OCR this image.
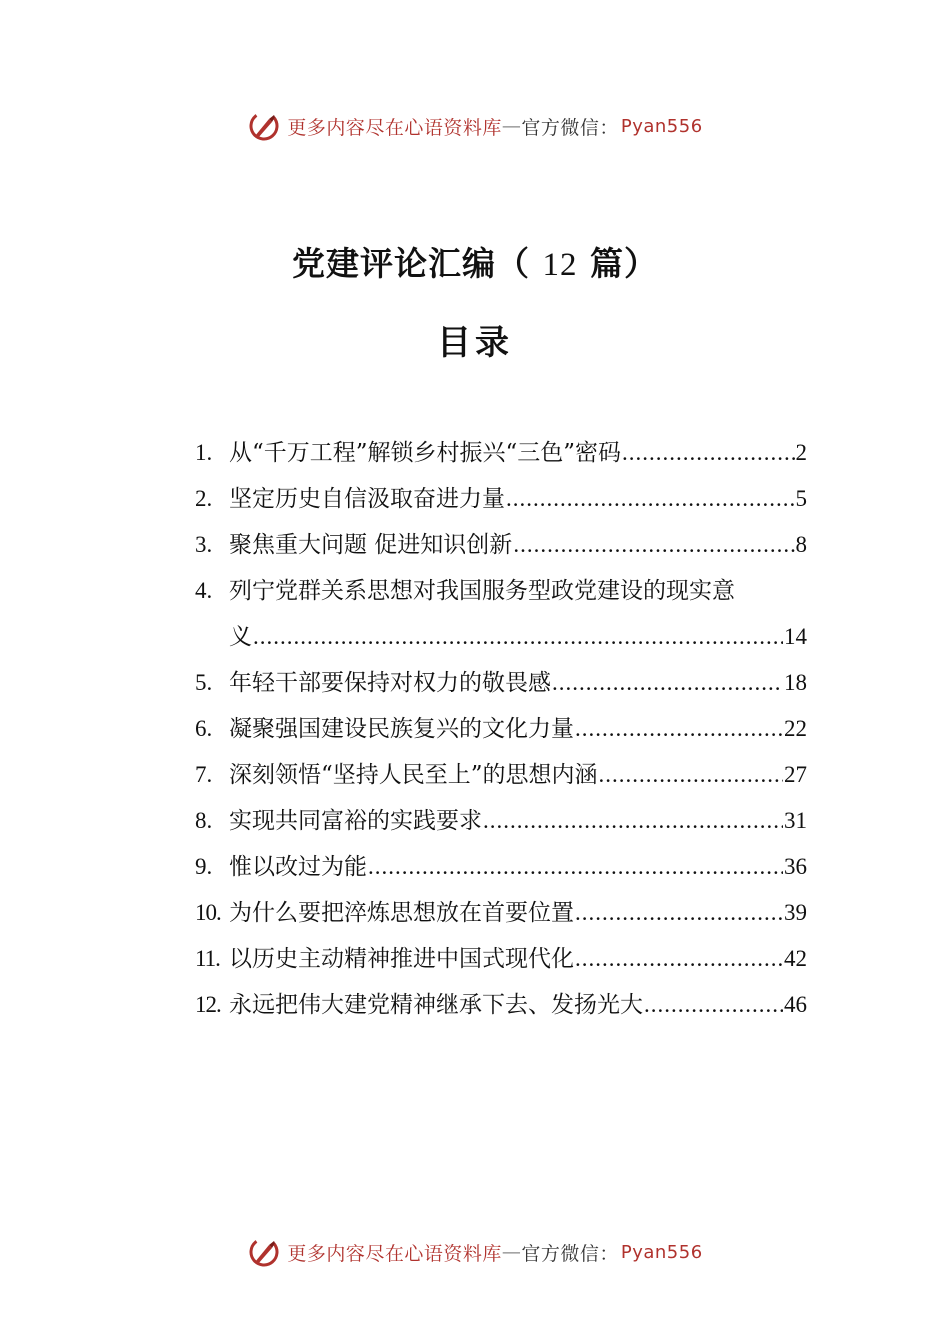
更多内容尽在心语资料库 — 官方微信： Pyan556
党建评论汇编（ 12 篇）
目录
1. 从“千万工程”解锁乡村振兴“三色”密码 .....	2
2. 坚定历史自信汲取奋进力量 .....	5
3. 聚焦重大问题 促进知识创新 .....	8
4. 列宁党群关系思想对我国服务型政党建设的现实意
义 .....	14
5. 年轻干部要保持对权力的敬畏感 .....	18
6. 凝聚强国建设民族复兴的文化力量 .....	22
7. 深刻领悟“坚持人民至上”的思想内涵 .....	27
8. 实现共同富裕的实践要求 .....	31
9. 惟以改过为能 .....	36
10. 为什么要把淬炼思想放在首要位置 .....	39
11. 以历史主动精神推进中国式现代化 .....	42
12. 永远把伟大建党精神继承下去、发扬光大 .....	46
更多内容尽在心语资料库 — 官方微信： Pyan556
